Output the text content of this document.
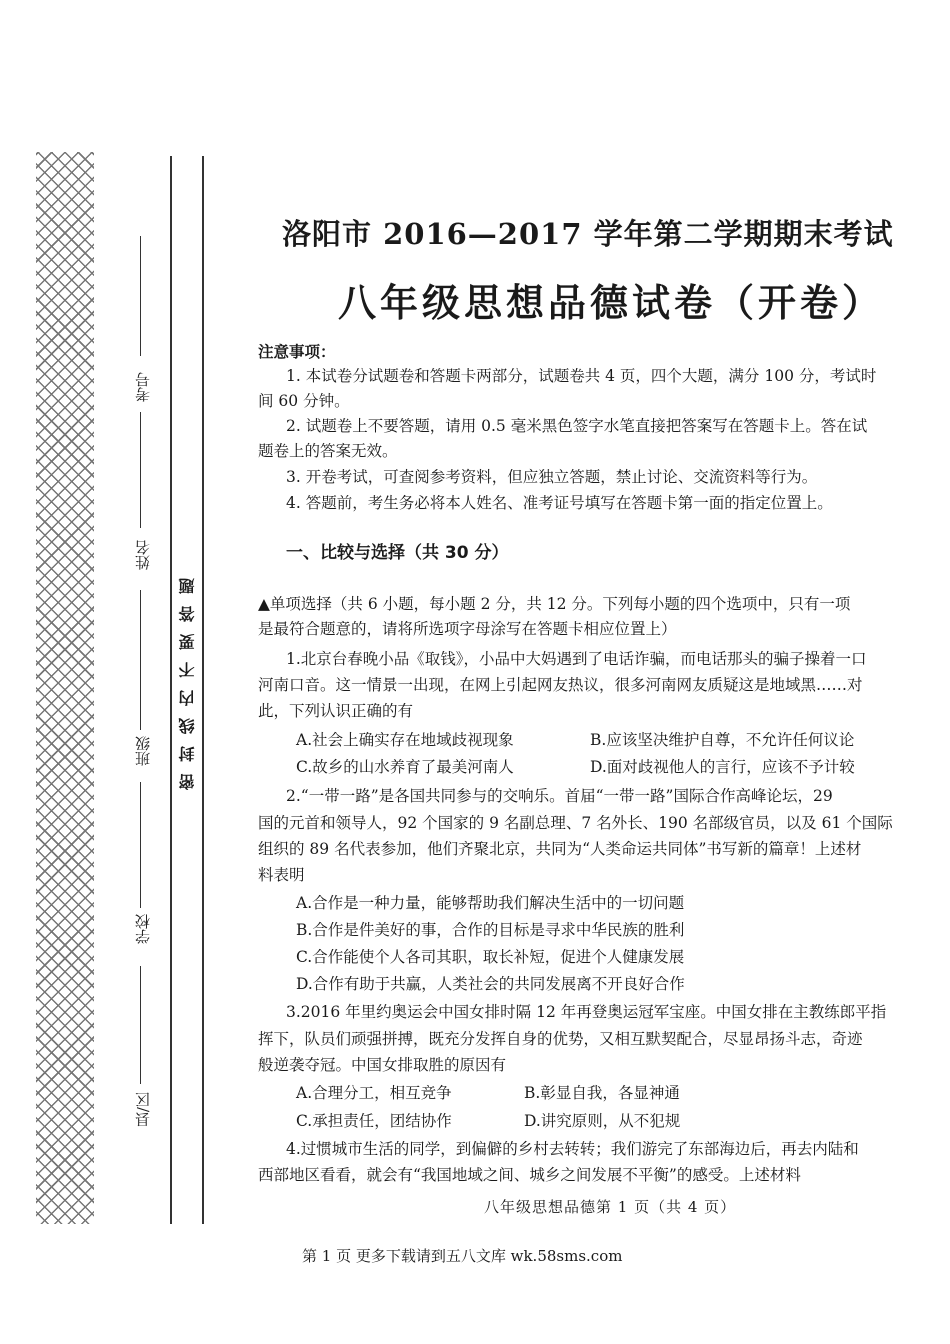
考号
姓名
班级
学校
县/区
密封线内不要答题
洛阳市 2016—2017 学年第二学期期末考试
八年级思想品德试卷（开卷）
注意事项：
1. 本试卷分试题卷和答题卡两部分，试题卷共 4 页，四个大题，满分 100 分，考试时
间 60 分钟。
2. 试题卷上不要答题，请用 0.5 毫米黑色签字水笔直接把答案写在答题卡上。答在试
题卷上的答案无效。
3. 开卷考试，可查阅参考资料，但应独立答题，禁止讨论、交流资料等行为。
4. 答题前，考生务必将本人姓名、准考证号填写在答题卡第一面的指定位置上。
一、比较与选择（共 30 分）
▲单项选择（共 6 小题，每小题 2 分，共 12 分。下列每小题的四个选项中，只有一项
是最符合题意的，请将所选项字母涂写在答题卡相应位置上）
1.北京台春晚小品《取钱》，小品中大妈遇到了电话诈骗，而电话那头的骗子操着一口
河南口音。这一情景一出现，在网上引起网友热议，很多河南网友质疑这是地域黑……对
此，下列认识正确的有
A.社会上确实存在地域歧视现象	B.应该坚决维护自尊，不允许任何议论
C.故乡的山水养育了最美河南人	D.面对歧视他人的言行，应该不予计较
2.“一带一路”是各国共同参与的交响乐。首届“一带一路”国际合作高峰论坛，29
国的元首和领导人，92 个国家的 9 名副总理、7 名外长、190 名部级官员，以及 61 个国际
组织的 89 名代表参加，他们齐聚北京，共同为“人类命运共同体”书写新的篇章！上述材
料表明
A.合作是一种力量，能够帮助我们解决生活中的一切问题
B.合作是件美好的事，合作的目标是寻求中华民族的胜利
C.合作能使个人各司其职，取长补短，促进个人健康发展
D.合作有助于共赢，人类社会的共同发展离不开良好合作
3.2016 年里约奥运会中国女排时隔 12 年再登奥运冠军宝座。中国女排在主教练郎平指
挥下，队员们顽强拼搏，既充分发挥自身的优势，又相互默契配合，尽显昂扬斗志，奇迹
般逆袭夺冠。中国女排取胜的原因有
A.合理分工，相互竞争	B.彰显自我，各显神通
C.承担责任，团结协作	D.讲究原则，从不犯规
4.过惯城市生活的同学，到偏僻的乡村去转转；我们游完了东部海边后，再去内陆和
西部地区看看，就会有“我国地域之间、城乡之间发展不平衡”的感受。上述材料
八年级思想品德第 1 页（共 4 页）
第 1 页 更多下载请到五八文库 wk.58sms.com
